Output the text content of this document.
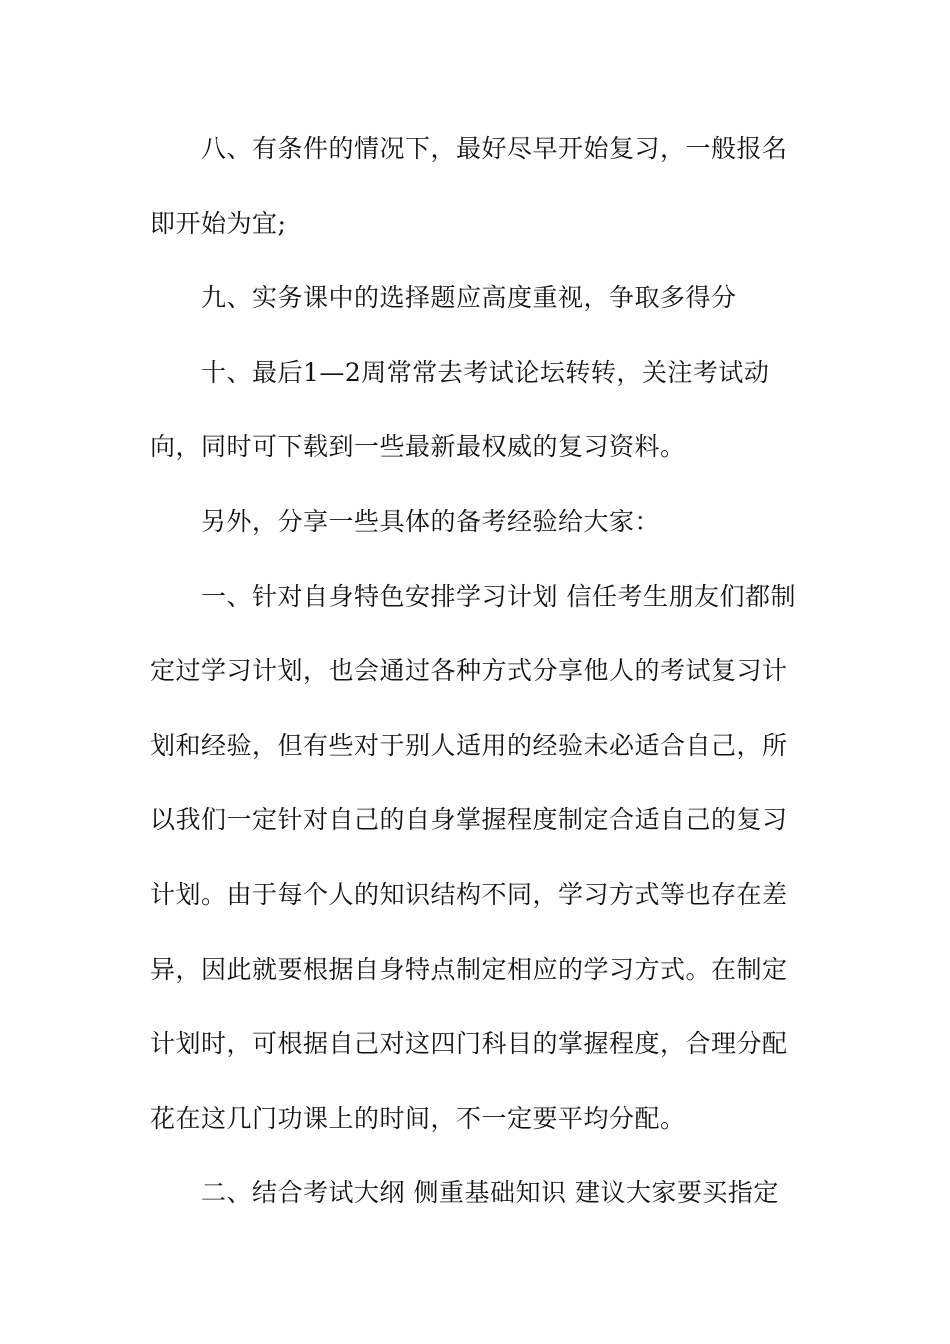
八、有条件的情况下，最好尽早开始复习，一般报名
即开始为宜;
九、实务课中的选择题应高度重视，争取多得分
十、最后1—2周常常去考试论坛转转，关注考试动
向，同时可下载到一些最新最权威的复习资料。
另外，分享一些具体的备考经验给大家：
一、针对自身特色安排学习计划 信任考生朋友们都制
定过学习计划，也会通过各种方式分享他人的考试复习计
划和经验，但有些对于别人适用的经验未必适合自己，所
以我们一定针对自己的自身掌握程度制定合适自己的复习
计划。由于每个人的知识结构不同，学习方式等也存在差
异，因此就要根据自身特点制定相应的学习方式。在制定
计划时，可根据自己对这四门科目的掌握程度，合理分配
花在这几门功课上的时间，不一定要平均分配。
二、结合考试大纲 侧重基础知识 建议大家要买指定
